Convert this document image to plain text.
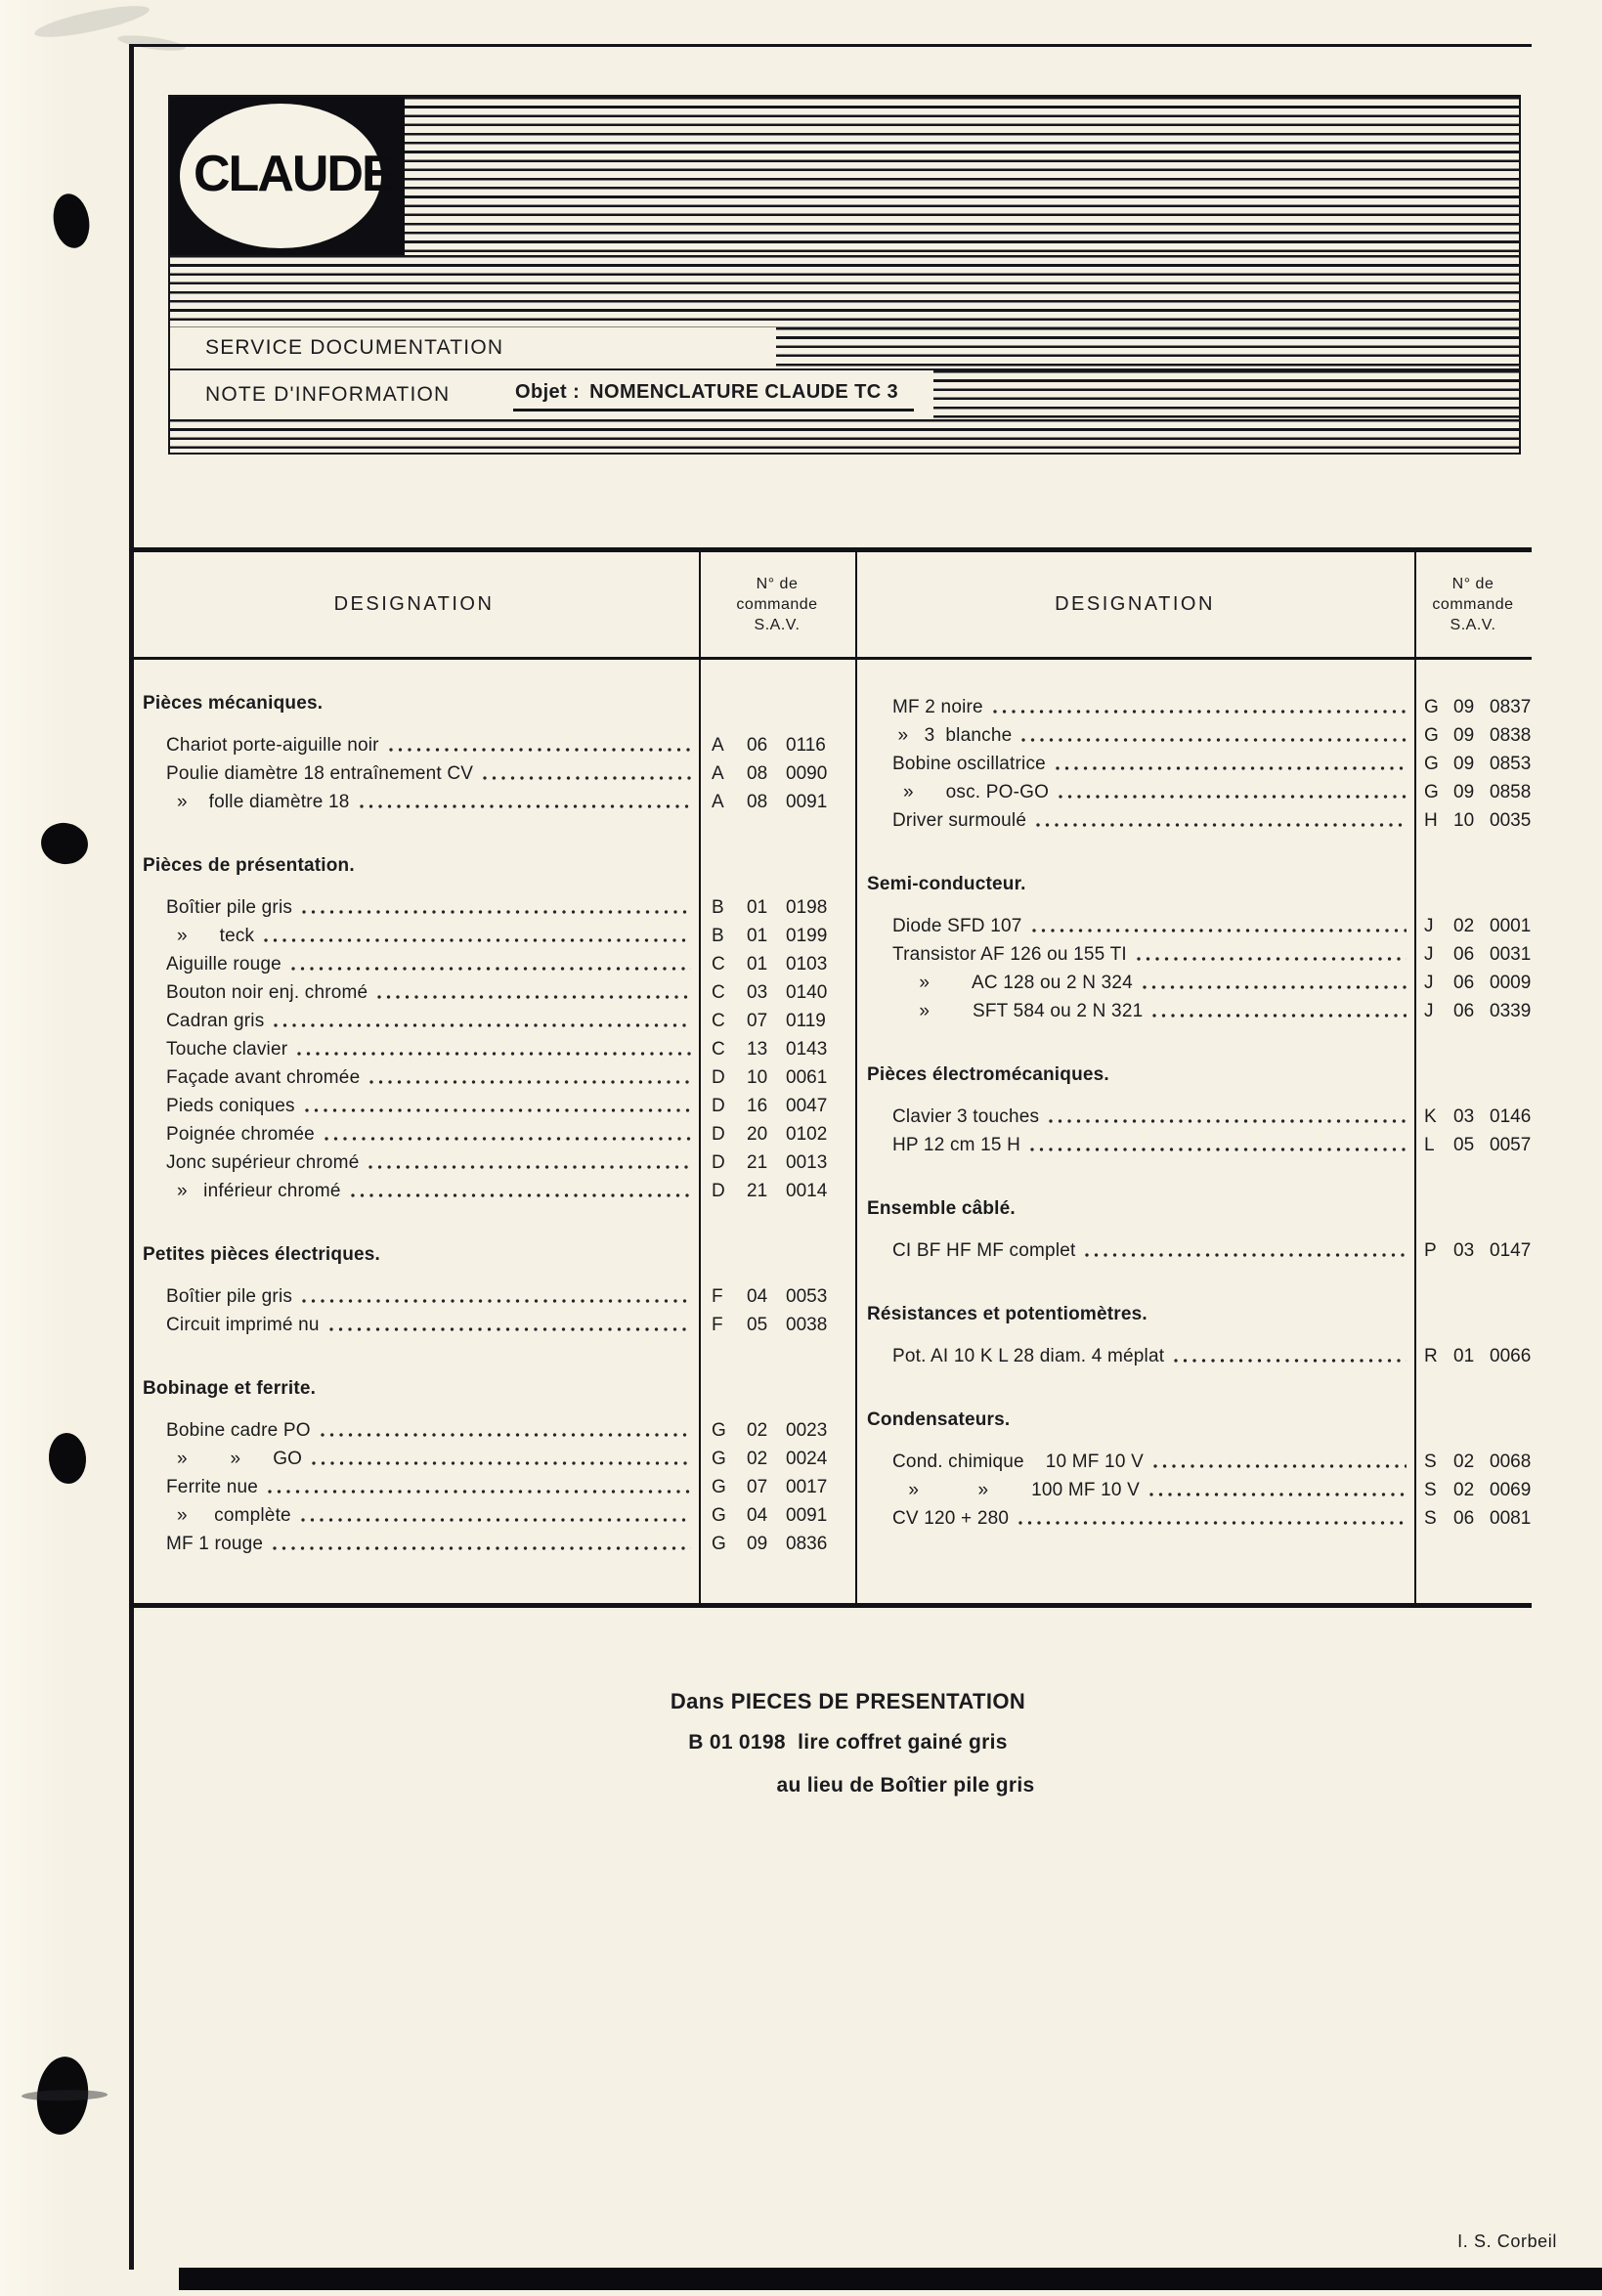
CLAUDE
SERVICE DOCUMENTATION
NOTE D'INFORMATION	Objet : NOMENCLATURE CLAUDE TC 3
DESIGNATION
N° de
commande
S.A.V.
DESIGNATION
N° de
commande
S.A.V.
Pièces mécaniques.
Chariot porte-aiguille noir	A	06 0116
Poulie diamètre 18 entraînement CV	A	08 0090
»    folle diamètre 18	A	08 0091
Pièces de présentation.
Boîtier pile gris	B	01 0198
»      teck	B	01 0199
Aiguille rouge	C	01 0103
Bouton noir enj. chromé	C	03 0140
Cadran gris	C	07 0119
Touche clavier	C	13 0143
Façade avant chromée	D	10 0061
Pieds coniques	D	16 0047
Poignée chromée	D	20 0102
Jonc supérieur chromé	D	21 0013
»   inférieur chromé	D	21 0014
Petites pièces électriques.
Boîtier pile gris	F	04 0053
Circuit imprimé nu	F	05 0038
Bobinage et ferrite.
Bobine cadre PO	G	02 0023
»        »      GO	G	02 0024
Ferrite nue	G	07 0017
»     complète	G	04 0091
MF 1 rouge	G	09 0836
MF 2 noire	G 09 0837
»   3  blanche	G 09 0838
Bobine oscillatrice	G 09 0853
»      osc. PO-GO	G 09 0858
Driver surmoulé	H 10 0035
Semi-conducteur.
Diode SFD 107	J	02 0001
Transistor AF 126 ou 155 TI	J	06 0031
»        AC 128 ou 2 N 324	J	06 0009
»        SFT 584 ou 2 N 321	J	06 0339
Pièces électromécaniques.
Clavier 3 touches	K 03 0146
HP 12 cm 15 H	L	05 0057
Ensemble câblé.
CI BF HF MF complet	P 03 0147
Résistances et potentiomètres.
Pot. AI 10 K L 28 diam. 4 méplat	R 01 0066
Condensateurs.
Cond. chimique    10 MF 10 V	S 02 0068
»           »        100 MF 10 V	S 02 0069
CV 120 + 280	S 06 0081
Dans PIECES DE PRESENTATION
B 01 0198  lire coffret gainé gris
au lieu de Boîtier pile gris
I. S. Corbeil
